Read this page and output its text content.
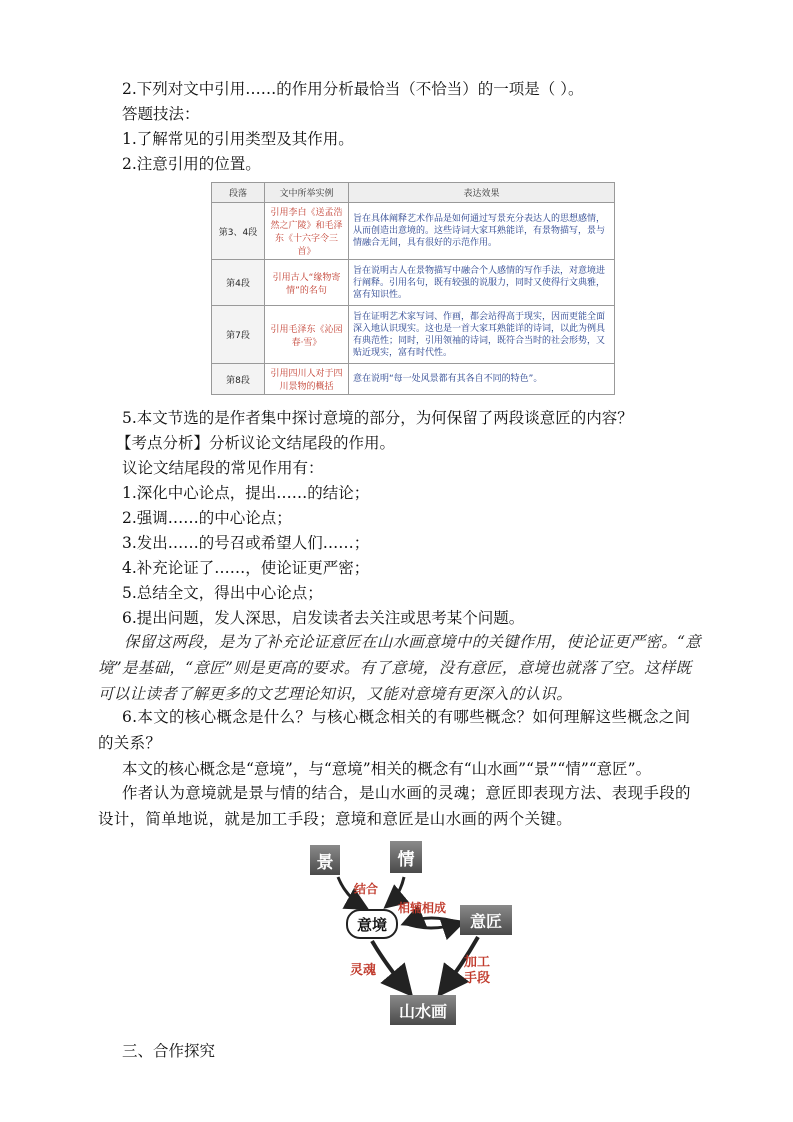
2.下列对文中引用……的作用分析最恰当（不恰当）的一项是（ ）。
答题技法：
1.了解常见的引用类型及其作用。
2.注意引用的位置。
段落	文中所举实例	表达效果
第3、4段	引用李白《送孟浩然之广陵》和毛泽东《十六字令三首》	旨在具体阐释艺术作品是如何通过写景充分表达人的思想感情，从而创造出意境的。这些诗词大家耳熟能详，有景物描写，景与情融合无间，具有很好的示范作用。
第4段	引用古人“缘物寄情”的名句	旨在说明古人在景物描写中融合个人感情的写作手法，对意境进行阐释。引用名句，既有较强的说服力，同时又使得行文典雅，富有知识性。
第7段	引用毛泽东《沁园春·雪》	旨在证明艺术家写词、作画，都会站得高于现实，因而更能全面深入地认识现实。这也是一首大家耳熟能详的诗词，以此为例具有典范性；同时，引用领袖的诗词，既符合当时的社会形势，又贴近现实，富有时代性。
第8段	引用四川人对于四川景物的概括	意在说明“每一处风景都有其各自不同的特色”。
5.本文节选的是作者集中探讨意境的部分，为何保留了两段谈意匠的内容？
【考点分析】分析议论文结尾段的作用。
议论文结尾段的常见作用有：
1.深化中心论点，提出……的结论；
2.强调……的中心论点；
3.发出……的号召或希望人们……；
4.补充论证了……，使论证更严密；
5.总结全文，得出中心论点；
6.提出问题，发人深思，启发读者去关注或思考某个问题。
保留这两段，是为了补充论证意匠在山水画意境中的关键作用，使论证更严密。“意境”是基础，“意匠”则是更高的要求。有了意境，没有意匠，意境也就落了空。这样既可以让读者了解更多的文艺理论知识，又能对意境有更深入的认识。
6.本文的核心概念是什么？与核心概念相关的有哪些概念？如何理解这些概念之间的关系？
本文的核心概念是“意境”，与“意境”相关的概念有“山水画”“景”“情”“意匠”。
作者认为意境就是景与情的结合，是山水画的灵魂；意匠即表现方法、表现手段的设计，简单地说，就是加工手段；意境和意匠是山水画的两个关键。
景	情
意境	意匠
山水画
结合
相辅相成
灵魂
加工
手段
三、合作探究
